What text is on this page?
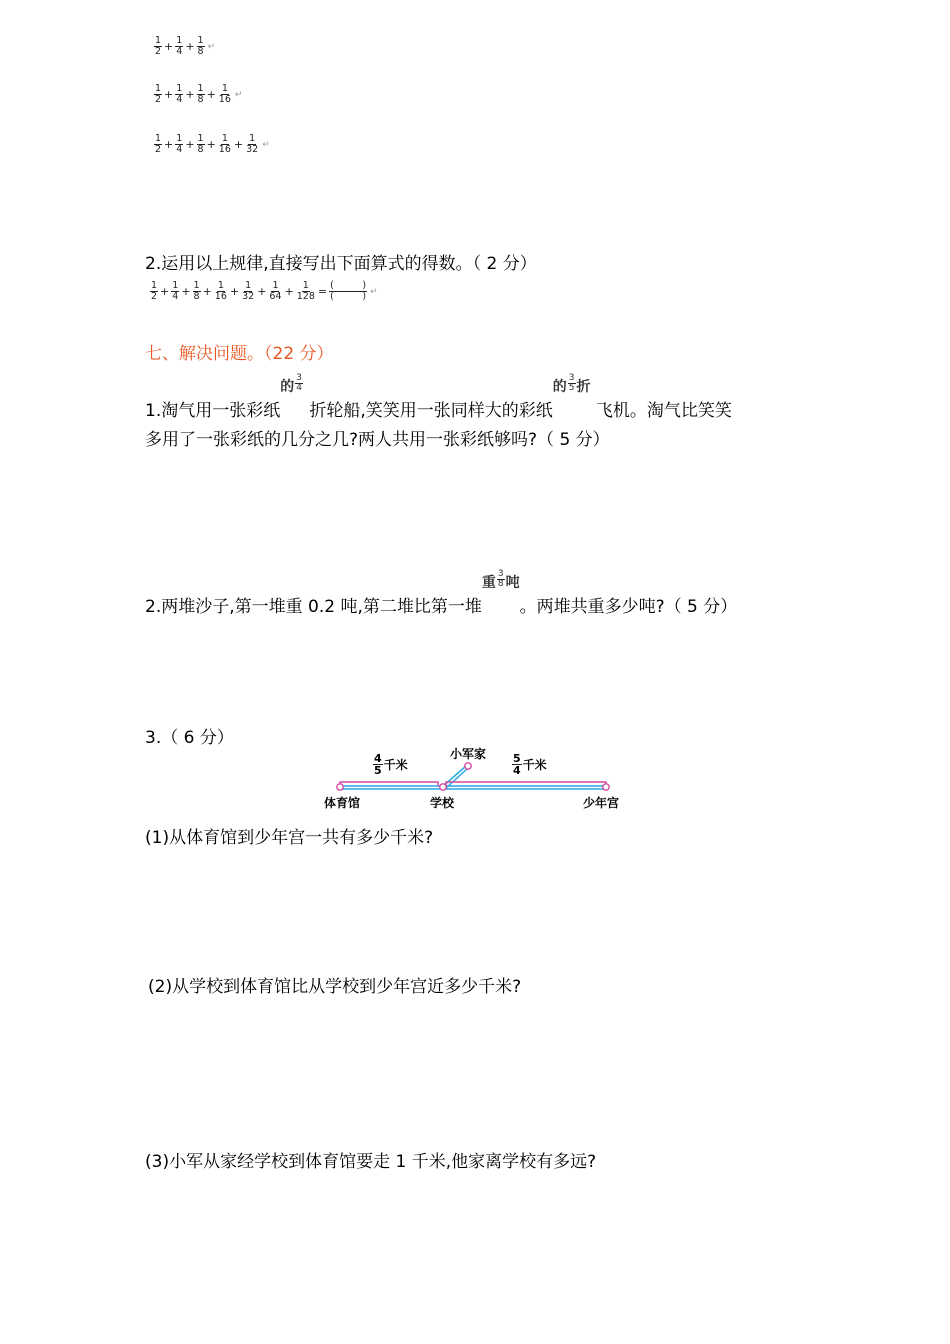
$\frac{1}{2} + \frac{1}{4} + \frac{1}{8}$ ↵
$\frac{1}{2} + \frac{1}{4} + \frac{1}{8} + \frac{1}{16}$ ↵
$\frac{1}{2} + \frac{1}{4} + \frac{1}{8} + \frac{1}{16} + \frac{1}{32}$ ↵
2.运用以上规律,直接写出下面算式的得数。（ 2 分）
$\frac{1}{2} + \frac{1}{4} + \frac{1}{8} + \frac{1}{16} + \frac{1}{32} + \frac{1}{64} + \frac{1}{128}$ = (	)
(	) ↵
七、解决问题。（22 分）
1.淘气用一张彩纸
的 $\frac{3}{4}$
折轮船,笑笑用一张同样大的彩纸
的 $\frac{3}{5}$ 折
飞机。淘气比笑笑
多用了一张彩纸的几分之几?两人共用一张彩纸够吗?（ 5 分）
2.两堆沙子,第一堆重 0.2 吨,第二堆比第一堆
重 $\frac{3}{8}$ 吨
。两堆共重多少吨?（ 5 分）
3.（ 6 分）
$\frac{4}{5}$ 千米	$\frac{5}{4}$ 千米
小军家
体育馆	学校	少年宫
(1)从体育馆到少年宫一共有多少千米?
(2)从学校到体育馆比从学校到少年宫近多少千米?
(3)小军从家经学校到体育馆要走 1 千米,他家离学校有多远?
